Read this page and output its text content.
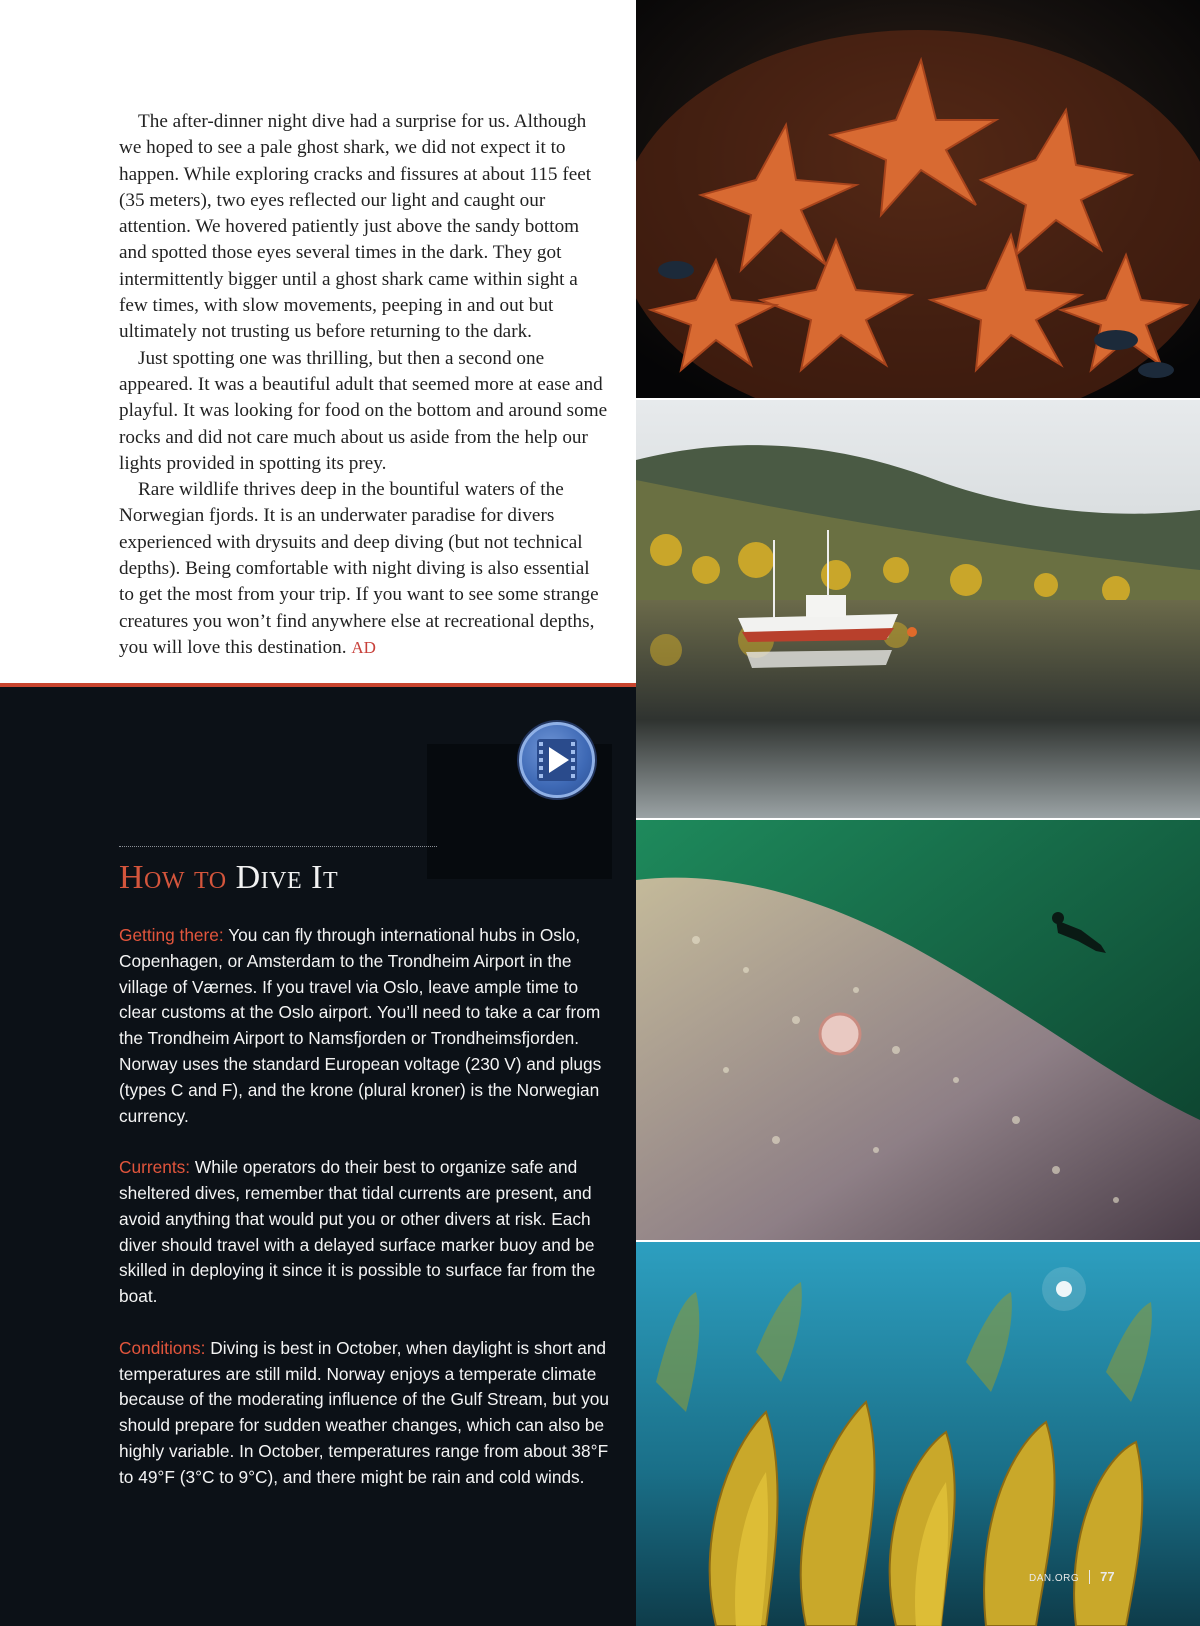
The after-dinner night dive had a surprise for us. Although we hoped to see a pale ghost shark, we did not expect it to happen. While exploring cracks and fissures at about 115 feet (35 meters), two eyes reflected our light and caught our attention. We hovered patiently just above the sandy bottom and spotted those eyes several times in the dark. They got intermittently bigger until a ghost shark came within sight a few times, with slow movements, peeping in and out but ultimately not trusting us before returning to the dark.

Just spotting one was thrilling, but then a second one appeared. It was a beautiful adult that seemed more at ease and playful. It was looking for food on the bottom and around some rocks and did not care much about us aside from the help our lights provided in spotting its prey.

Rare wildlife thrives deep in the bountiful waters of the Norwegian fjords. It is an underwater paradise for divers experienced with drysuits and deep diving (but not technical depths). Being comfortable with night diving is also essential to get the most from your trip. If you want to see some strange creatures you won’t find anywhere else at recreational depths, you will love this destination. AD

How to Dive It

Getting there: You can fly through international hubs in Oslo, Copenhagen, or Amsterdam to the Trondheim Airport in the village of Værnes. If you travel via Oslo, leave ample time to clear customs at the Oslo airport. You’ll need to take a car from the Trondheim Airport to Namsfjorden or Trondheimsfjorden. Norway uses the standard European voltage (230 V) and plugs (types C and F), and the krone (plural kroner) is the Norwegian currency.

Currents: While operators do their best to organize safe and sheltered dives, remember that tidal currents are present, and avoid anything that would put you or other divers at risk. Each diver should travel with a delayed surface marker buoy and be skilled in deploying it since it is possible to surface far from the boat.

Conditions: Diving is best in October, when daylight is short and temperatures are still mild. Norway enjoys a temperate climate because of the moderating influence of the Gulf Stream, but you should prepare for sudden weather changes, which can also be highly variable. In October, temperatures range from about 38°F to 49°F (3°C to 9°C), and there might be rain and cold winds.

DAN.ORG 77
